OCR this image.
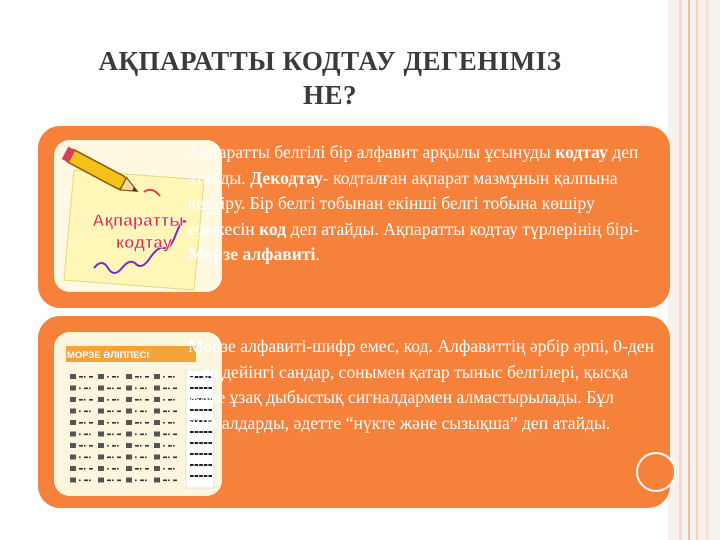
АҚПАРАТТЫ КОДТАУ ДЕГЕНІМІЗ
НЕ?
Ақпаратты
кодтау
Ақпаратты белгілі бір алфавит арқылы ұсынуды кодтау деп атайды. Декодтау- кодталған ақпарат мазмұнын қалпына келтіру. Бір белгі тобынан екінші белгі тобына көшіру ережесін код деп атайды. Ақпаратты кодтау түрлерінің бірі-Морзе алфавиті.
МОРЗЕ ӘЛІППЕСІ Морзе алфавиті-шифр емес, код. Алфавиттің әрбір әрпі, 0-ден 9-ға дейінгі сандар, сонымен қатар тыныс белгілері, қысқа және ұзақ дыбыстық сигналдармен алмастырылады. Бұл сигналдарды, әдетте “нүкте және сызықша” деп атайды.
